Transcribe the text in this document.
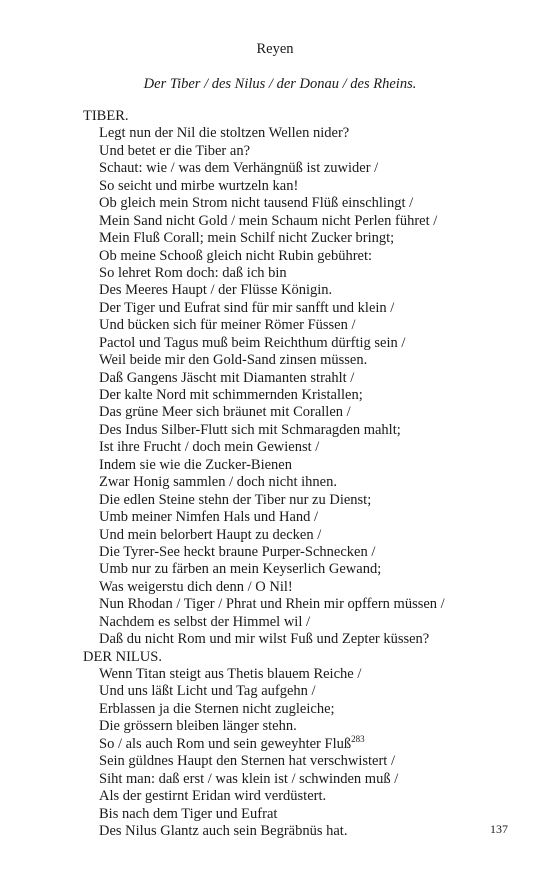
Reyen
Der Tiber / des Nilus / der Donau / des Rheins.
TIBER.
Legt nun der Nil die stoltzen Wellen nider?
Und betet er die Tiber an?
Schaut: wie / was dem Verhängnüß ist zuwider /
So seicht und mirbe wurtzeln kan!
Ob gleich mein Strom nicht tausend Flüß einschlingt /
Mein Sand nicht Gold / mein Schaum nicht Perlen führet /
Mein Fluß Corall; mein Schilf nicht Zucker bringt;
Ob meine Schooß gleich nicht Rubin gebühret:
So lehret Rom doch: daß ich bin
Des Meeres Haupt / der Flüsse Königin.
Der Tiger und Eufrat sind für mir sanfft und klein /
Und bücken sich für meiner Römer Füssen /
Pactol und Tagus muß beim Reichthum dürftig sein /
Weil beide mir den Gold-Sand zinsen müssen.
Daß Gangens Jäscht mit Diamanten strahlt /
Der kalte Nord mit schimmernden Kristallen;
Das grüne Meer sich bräunet mit Corallen /
Des Indus Silber-Flutt sich mit Schmaragden mahlt;
Ist ihre Frucht / doch mein Gewienst /
Indem sie wie die Zucker-Bienen
Zwar Honig sammlen / doch nicht ihnen.
Die edlen Steine stehn der Tiber nur zu Dienst;
Umb meiner Nimfen Hals und Hand /
Und mein belorbert Haupt zu decken /
Die Tyrer-See heckt braune Purper-Schnecken /
Umb nur zu färben an mein Keyserlich Gewand;
Was weigerstu dich denn / O Nil!
Nun Rhodan / Tiger / Phrat und Rhein mir opffern müssen /
Nachdem es selbst der Himmel wil /
Daß du nicht Rom und mir wilst Fuß und Zepter küssen?
DER NILUS.
Wenn Titan steigt aus Thetis blauem Reiche /
Und uns läßt Licht und Tag aufgehn /
Erblassen ja die Sternen nicht zugleiche;
Die grössern bleiben länger stehn.
So / als auch Rom und sein geweyhter Fluß$^{283}$
Sein güldnes Haupt den Sternen hat verschwistert /
Siht man: daß erst / was klein ist / schwinden muß /
Als der gestirnt Eridan wird verdüstert.
Bis nach dem Tiger und Eufrat
Des Nilus Glantz auch sein Begräbnüs hat.	137
